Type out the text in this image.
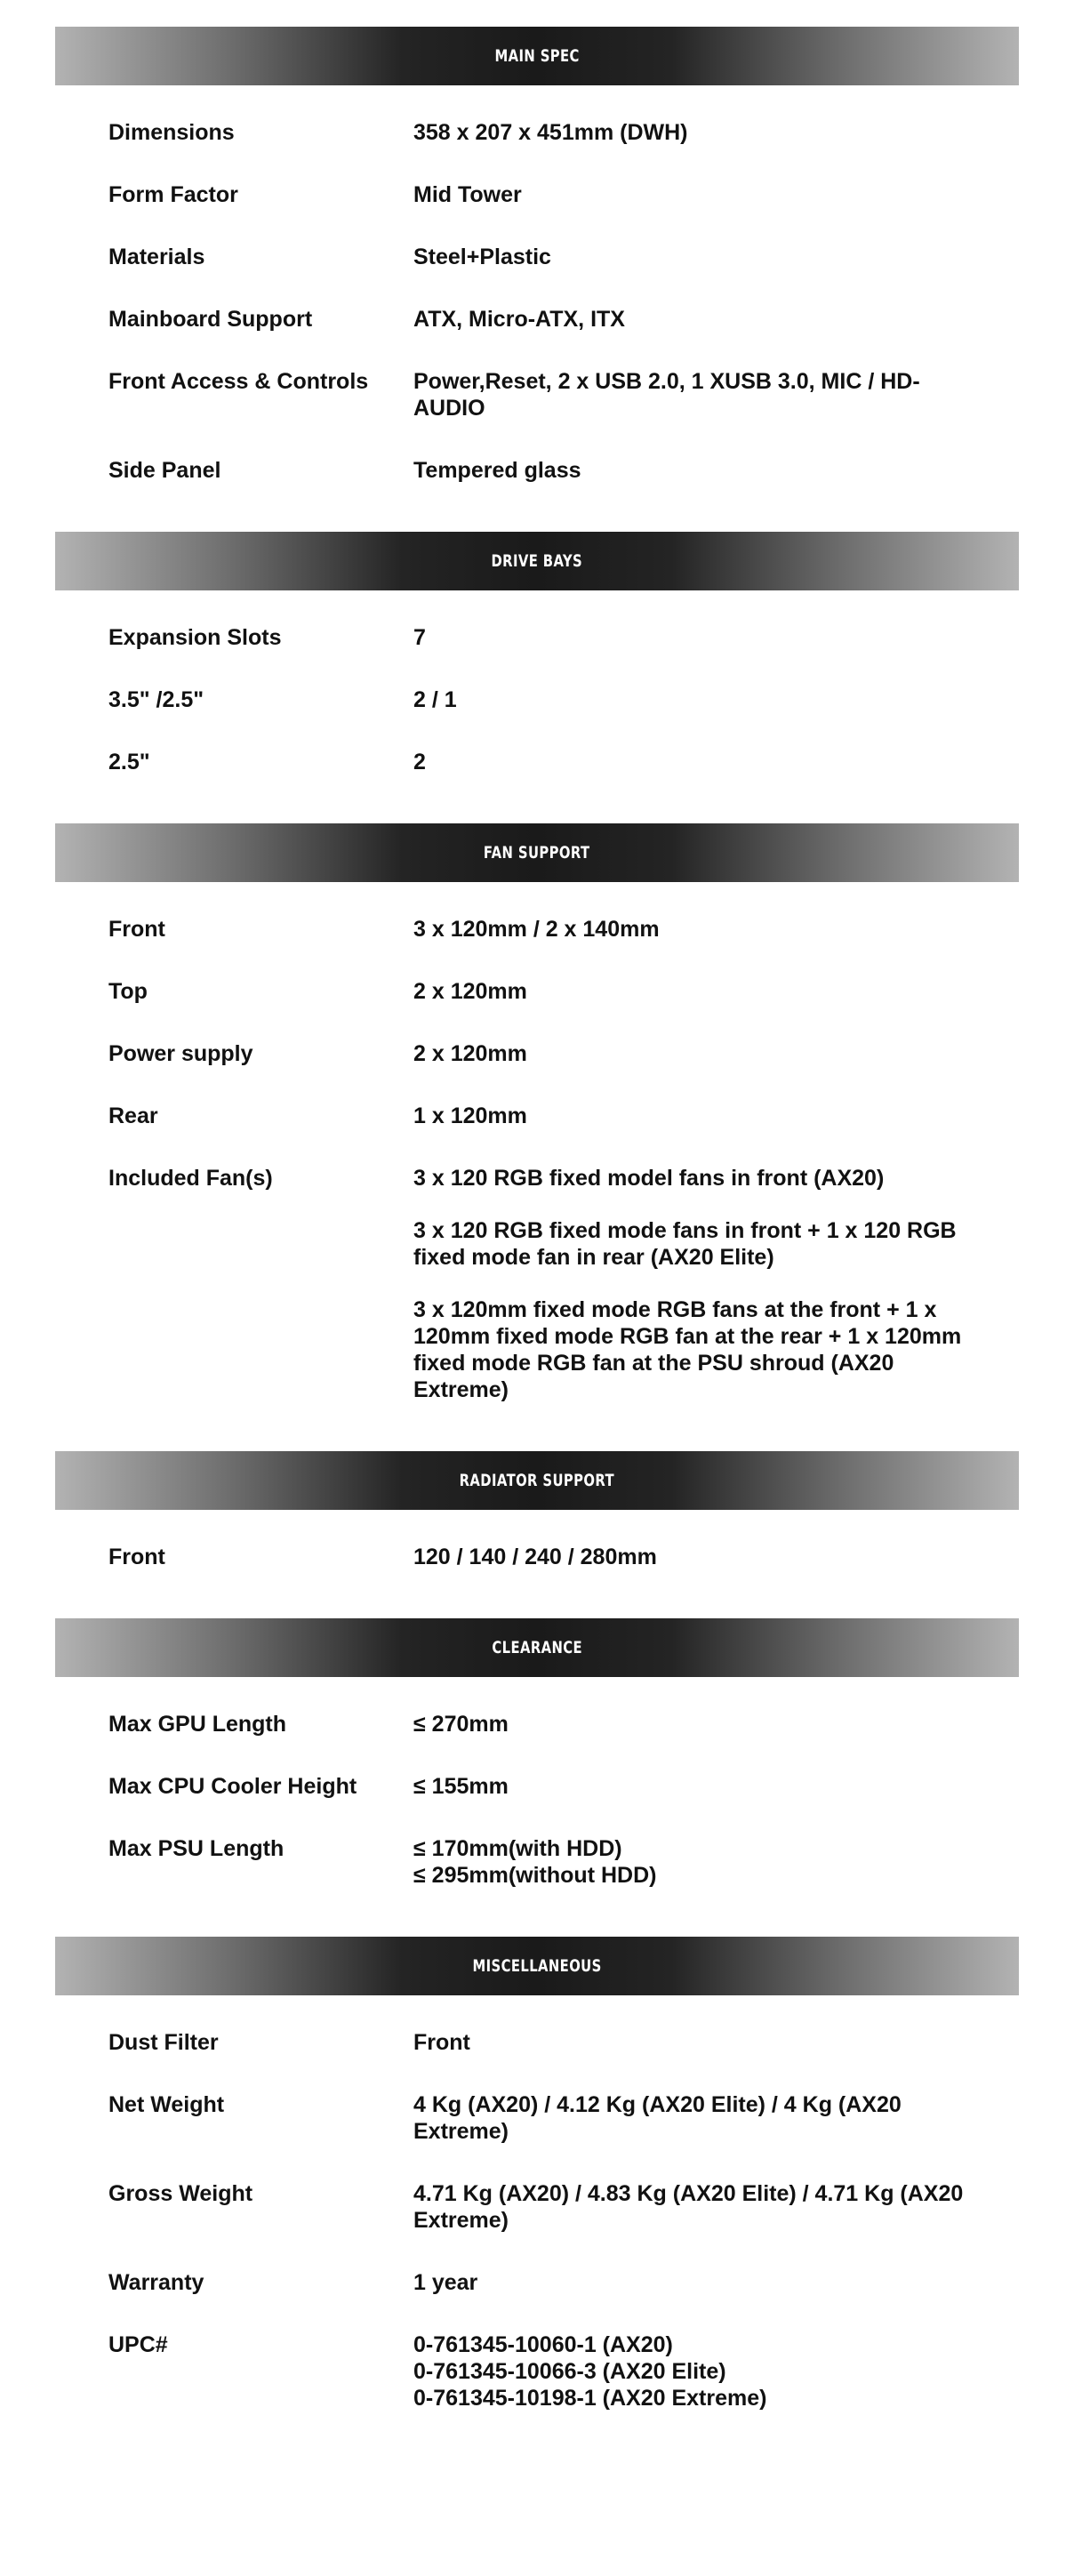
MAIN SPEC
Dimensions	358 x 207 x 451mm (DWH)

Form Factor	Mid Tower

Materials	Steel+Plastic

Mainboard Support	ATX, Micro-ATX, ITX

Front Access & Controls	Power,Reset, 2 x USB 2.0, 1 XUSB 3.0, MIC / HD-AUDIO

Side Panel	Tempered glass

DRIVE BAYS
Expansion Slots	7

3.5" /2.5"	2 / 1

2.5"	2

FAN SUPPORT
Front	3 x 120mm / 2 x 140mm

Top	2 x 120mm

Power supply	2 x 120mm

Rear	1 x 120mm

Included Fan(s)	3 x 120 RGB fixed model fans in front (AX20)

3 x 120 RGB fixed mode fans in front + 1 x 120 RGB fixed mode fan in rear (AX20 Elite)

3 x 120mm fixed mode RGB fans at the front + 1 x 120mm fixed mode RGB fan at the rear + 1 x 120mm fixed mode RGB fan at the PSU shroud (AX20 Extreme)

RADIATOR SUPPORT
Front	120 / 140 / 240 / 280mm

CLEARANCE
Max GPU Length	≤ 270mm

Max CPU Cooler Height	≤ 155mm

Max PSU Length	≤ 170mm(with HDD)
≤ 295mm(without HDD)

MISCELLANEOUS
Dust Filter	Front

Net Weight	4 Kg (AX20) / 4.12 Kg (AX20 Elite) / 4 Kg (AX20 Extreme)

Gross Weight	4.71 Kg (AX20) / 4.83 Kg (AX20 Elite) / 4.71 Kg (AX20 Extreme)

Warranty	1 year

UPC#	0-761345-10060-1 (AX20)
0-761345-10066-3 (AX20 Elite)
0-761345-10198-1 (AX20 Extreme)
